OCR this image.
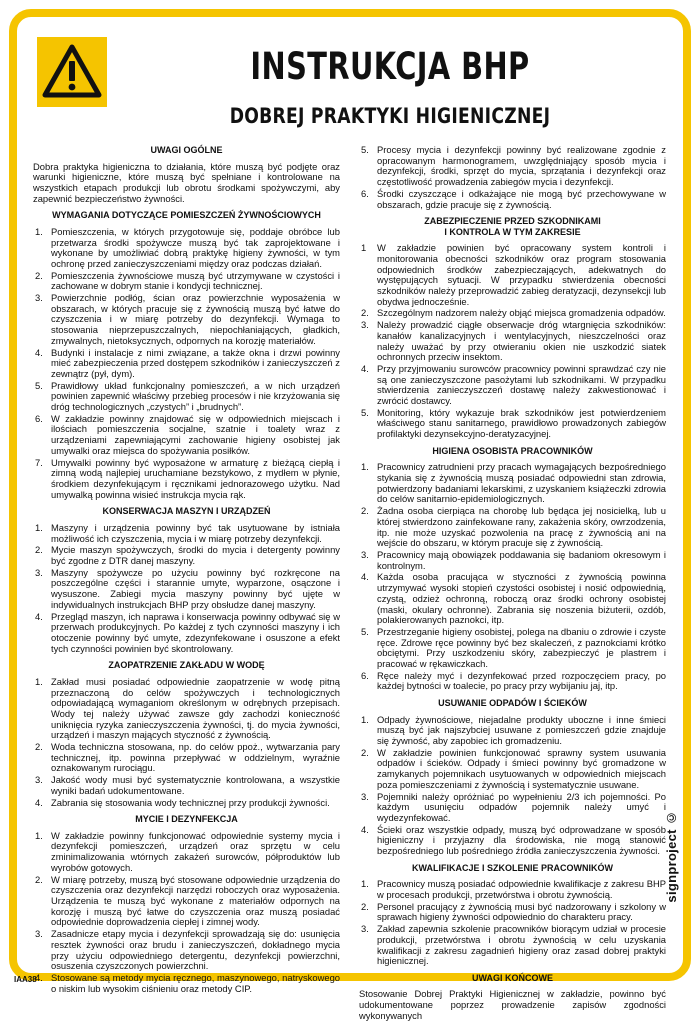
INSTRUKCJA BHP
DOBREJ PRAKTYKI HIGIENICZNEJ
UWAGI OGÓLNE

Dobra praktyka higieniczna to działania, które muszą być podjęte oraz warunki higieniczne, które muszą być spełniane i kontrolowane na wszystkich etapach produkcji lub obrotu środkami spożywczymi, aby zapewnić bezpieczeństwo żywności.

WYMAGANIA DOTYCZĄCE POMIESZCZEŃ ŻYWNOŚCIOWYCH
1. Pomieszczenia, w których przygotowuje się, poddaje obróbce lub przetwarza środki spożywcze muszą być tak zaprojektowane i wykonane by umożliwiać dobrą praktykę higieny żywności, w tym ochronę przed zanieczyszczeniami między oraz podczas działań.
2. Pomieszczenia żywnościowe muszą być utrzymywane w czystości i zachowane w dobrym stanie i kondycji technicznej.
3. Powierzchnie podłóg, ścian oraz powierzchnie wyposażenia w obszarach, w których pracuje się z żywnością muszą być łatwe do czyszczenia i w miarę potrzeby do dezynfekcji. Wymaga to stosowania nieprzepuszczalnych, niepochłaniających, gładkich, zmywalnych, nietoksycznych, odpornych na korozję materiałów.
4. Budynki i instalacje z nimi związane, a także okna i drzwi powinny mieć zabezpieczenia przed dostępem szkodników i zanieczyszczeń z zewnątrz (pył, dym).
5. Prawidłowy układ funkcjonalny pomieszczeń, a w nich urządzeń powinien zapewnić właściwy przebieg procesów i nie krzyżowania się dróg technologicznych „czystych” i „brudnych”.
6. W zakładzie powinny znajdować się w odpowiednich miejscach i ilościach pomieszczenia socjalne, szatnie i toalety wraz z urządzeniami zapewniającymi zachowanie higieny osobistej jak umywalki oraz miejsca do spożywania posiłków.
7. Umywalki powinny być wyposażone w armaturę z bieżącą ciepłą i zimną wodą najlepiej uruchamiane bezstykowo, z mydłem w płynie, środkiem dezynfekującym i ręcznikami jednorazowego użytku. Nad umywalką powinna wisieć instrukcja mycia rąk.
KONSERWACJA MASZYN I URZĄDZEŃ
1. Maszyny i urządzenia powinny być tak usytuowane by istniała możliwość ich czyszczenia, mycia i w miarę potrzeby dezynfekcji.
2. Mycie maszyn spożywczych, środki do mycia i detergenty powinny być zgodne z DTR danej maszyny.
3. Maszyny spożywcze po użyciu powinny być rozkręcone na poszczególne części i starannie umyte, wyparzone, osączone i wysuszone. Zabiegi mycia maszyny powinny być ujęte w indywidualnych instrukcjach BHP przy obsłudze danej maszyny.
4. Przegląd maszyn, ich naprawa i konserwacja powinny odbywać się w przerwach produkcyjnych. Po każdej z tych czynności maszyny i ich otoczenie powinny być umyte, zdezynfekowane i osuszone a efekt tych czynności powinien być skontrolowany.
ZAOPATRZENIE ZAKŁADU W WODĘ
1. Zakład musi posiadać odpowiednie zaopatrzenie w wodę pitną przeznaczoną do celów spożywczych i technologicznych odpowiadającą wymaganiom określonym w odrębnych przepisach. Wody tej należy używać zawsze gdy zachodzi konieczność uniknięcia ryzyka zanieczyszczenia żywności, tj. do mycia żywności, urządzeń i maszyn mających styczność z żywnością.
2. Woda techniczna stosowana, np. do celów ppoż., wytwarzania pary technicznej, itp. powinna przepływać w oddzielnym, wyraźnie oznakowanym rurociągu.
3. Jakość wody musi być systematycznie kontrolowana, a wszystkie wyniki badań udokumentowane.
4. Zabrania się stosowania wody technicznej przy produkcji żywności.
MYCIE I DEZYNFEKCJA
1. W zakładzie powinny funkcjonować odpowiednie systemy mycia i dezynfekcji pomieszczeń, urządzeń oraz sprzętu w celu zminimalizowania wtórnych zakażeń surowców, półproduktów lub wyrobów gotowych.
2. W miarę potrzeby, muszą być stosowane odpowiednie urządzenia do czyszczenia oraz dezynfekcji narzędzi roboczych oraz wyposażenia. Urządzenia te muszą być wykonane z materiałów odpornych na korozję i muszą być łatwe do czyszczenia oraz muszą posiadać odpowiednie doprowadzenia ciepłej i zimnej wody.
3. Zasadnicze etapy mycia i dezynfekcji sprowadzają się do: usunięcia resztek żywności oraz brudu i zanieczyszczeń, dokładnego mycia przy użyciu odpowiedniego detergentu, dezynfekcji powierzchni, osuszenia czyszczonych powierzchni.
4. Stosowane są metody mycia ręcznego, maszynowego, natryskowego o niskim lub wysokim ciśnieniu oraz metody CIP.
5. Procesy mycia i dezynfekcji powinny być realizowane zgodnie z opracowanym harmonogramem, uwzględniający sposób mycia i dezynfekcji, środki, sprzęt do mycia, sprzątania i dezynfekcji oraz częstotliwość prowadzenia zabiegów mycia i dezynfekcji.
6. Środki czyszczące i odkażające nie mogą być przechowywane w obszarach, gdzie pracuje się z żywnością.
ZABEZPIECZENIE PRZED SZKODNIKAMI
I KONTROLA W TYM ZAKRESIE
1 W zakładzie powinien być opracowany system kontroli i monitorowania obecności szkodników oraz program stosowania odpowiednich środków zabezpieczających, adekwatnych do występujących sytuacji. W przypadku stwierdzenia obecności szkodników należy przeprowadzić zabieg deratyzacji, dezynsekcji lub obydwa jednocześnie.
2. Szczególnym nadzorem należy objąć miejsca gromadzenia odpadów.
3. Należy prowadzić ciągłe obserwacje dróg wtargnięcia szkodników: kanałów kanalizacyjnych i wentylacyjnych, nieszczelności oraz należy uważać by przy otwieraniu okien nie uszkodzić siatek ochronnych przeciw insektom.
4. Przy przyjmowaniu surowców pracownicy powinni sprawdzać czy nie są one zanieczyszczone pasożytami lub szkodnikami. W przypadku stwierdzenia zanieczyszczeń dostawę należy zakwestionować i zwrócić dostawcy.
5. Monitoring, który wykazuje brak szkodników jest potwierdzeniem właściwego stanu sanitarnego, prawidłowo prowadzonych zabiegów profilaktyki dezynsekcyjno-deratyzacyjnej.
HIGIENA OSOBISTA PRACOWNIKÓW
1. Pracownicy zatrudnieni przy pracach wymagających bezpośredniego stykania się z żywnością muszą posiadać odpowiedni stan zdrowia, potwierdzony badaniami lekarskimi, z uzyskaniem książeczki zdrowia do celów sanitarnio-epidemiologicznych.
2. Żadna osoba cierpiąca na chorobę lub będąca jej nosicielką, lub u której stwierdzono zainfekowane rany, zakażenia skóry, owrzodzenia, itp. nie może uzyskać pozwolenia na pracę z żywnością ani na wejście do obszaru, w którym pracuje się z żywnością.
3. Pracownicy mają obowiązek poddawania się badaniom okresowym i kontrolnym.
4. Każda osoba pracująca w styczności z żywnością powinna utrzymywać wysoki stopień czystości osobistej i nosić odpowiednią, czystą, odzież ochronną, roboczą oraz środki ochrony osobistej (maski, okulary ochronne). Zabrania się noszenia biżuterii, ozdób, polakierowanych paznokci, itp.
5. Przestrzeganie higieny osobistej, polega na dbaniu o zdrowie i czyste ręce. Zdrowe ręce powinny być bez skaleczeń, z paznokciami krótko obciętymi. Przy uszkodzeniu skóry, zabezpieczyć je plastrem i pracować w rękawiczkach.
6. Ręce należy myć i dezynfekować przed rozpoczęciem pracy, po każdej bytności w toalecie, po pracy przy wybijaniu jaj, itp.
USUWANIE ODPADÓW I ŚCIEKÓW
1. Odpady żywnościowe, niejadalne produkty uboczne i inne śmieci muszą być jak najszybciej usuwane z pomieszczeń gdzie znajduje się żywność, aby zapobiec ich gromadzeniu.
2. W zakładzie powinien funkcjonować sprawny system usuwania odpadów i ścieków. Odpady i śmieci powinny być gromadzone w zamykanych pojemnikach usytuowanych w odpowiednich miejscach poza pomieszczeniami z żywnością i systematycznie usuwane.
3. Pojemniki należy opróżniać po wypełnieniu 2/3 ich pojemności. Po każdym usunięciu odpadów pojemnik należy umyć i wydezynfekować.
4. Ścieki oraz wszystkie odpady, muszą być odprowadzane w sposób higieniczny i przyjazny dla środowiska, nie mogą stanowić bezpośredniego lub pośredniego źródła zanieczyszczenia żywności.
KWALIFIKACJE I SZKOLENIE PRACOWNIKÓW
1. Pracownicy muszą posiadać odpowiednie kwalifikacje z zakresu BHP w procesach produkcji, przetwórstwa i obrotu żywnością.
2. Personel pracujący z żywnością musi być nadzorowany i szkolony w sprawach higieny żywności odpowiednio do charakteru pracy.
3. Zakład zapewnia szkolenie pracowników biorącym udział w procesie produkcji, przetwórstwa i obrotu żywnością w celu uzyskania kwalifikacji z zakresu zagadnień higieny oraz zasad dobrej praktyki higienicznej.
UWAGI KOŃCOWE

Stosowanie Dobrej Praktyki Higienicznej w zakładzie, powinno być udokumentowane poprzez prowadzenie zapisów zgodności wykonywanych

signproject ©
IAA38
